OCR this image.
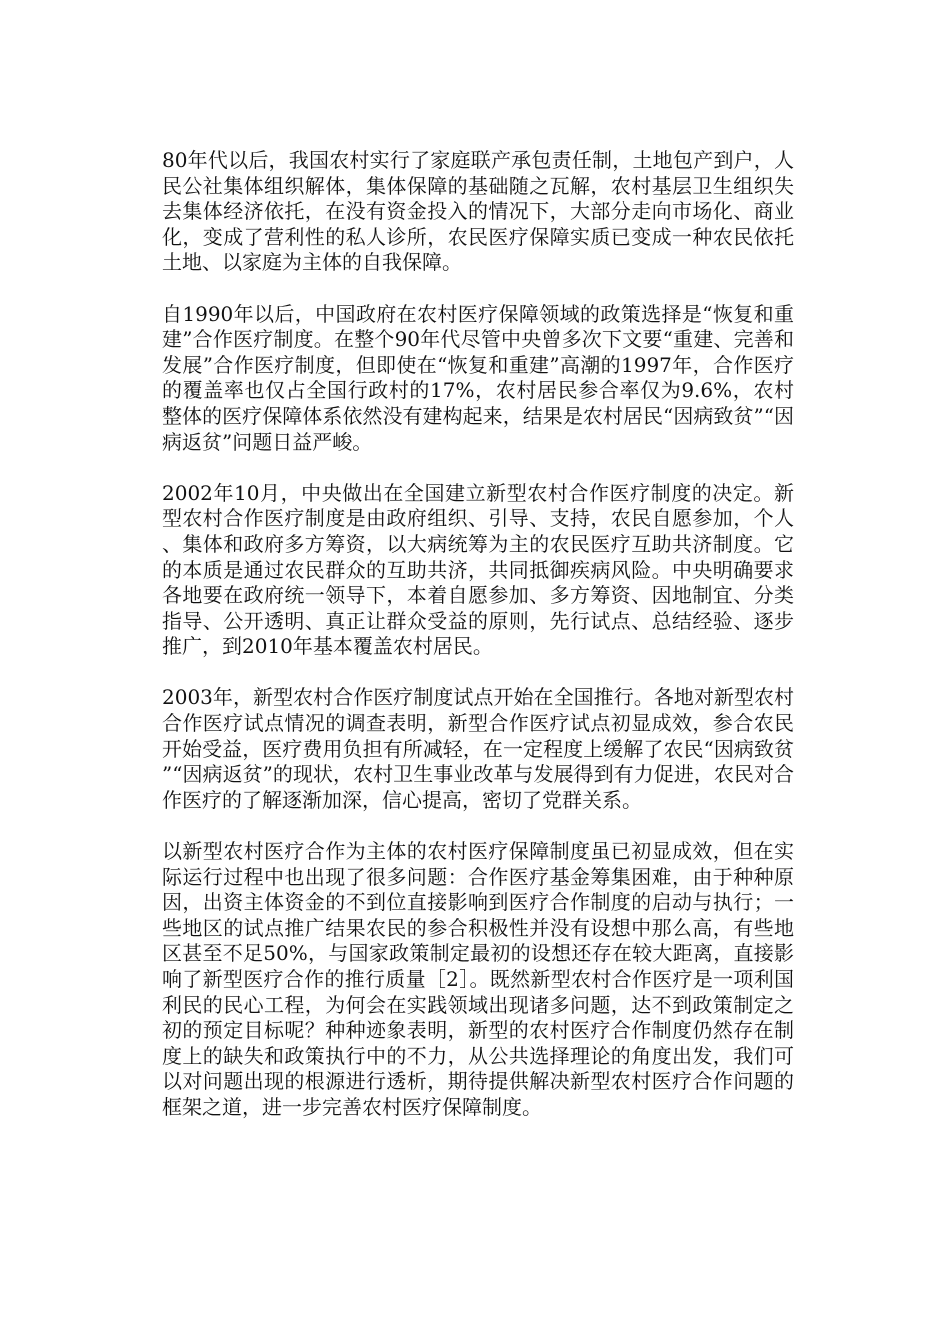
80年代以后，我国农村实行了家庭联产承包责任制，土地包产到户，人民公社集体组织解体，集体保障的基础随之瓦解，农村基层卫生组织失去集体经济依托，在没有资金投入的情况下，大部分走向市场化、商业化，变成了营利性的私人诊所，农民医疗保障实质已变成一种农民依托土地、以家庭为主体的自我保障。

自1990年以后，中国政府在农村医疗保障领域的政策选择是“恢复和重建”合作医疗制度。在整个90年代尽管中央曾多次下文要“重建、完善和发展”合作医疗制度，但即使在“恢复和重建”高潮的1997年，合作医疗的覆盖率也仅占全国行政村的17%，农村居民参合率仅为9.6%，农村整体的医疗保障体系依然没有建构起来，结果是农村居民“因病致贫”“因病返贫”问题日益严峻。

2002年10月，中央做出在全国建立新型农村合作医疗制度的决定。新型农村合作医疗制度是由政府组织、引导、支持，农民自愿参加，个人、集体和政府多方筹资，以大病统筹为主的农民医疗互助共济制度。它的本质是通过农民群众的互助共济，共同抵御疾病风险。中央明确要求各地要在政府统一领导下，本着自愿参加、多方筹资、因地制宜、分类指导、公开透明、真正让群众受益的原则，先行试点、总结经验、逐步推广，到2010年基本覆盖农村居民。

2003年，新型农村合作医疗制度试点开始在全国推行。各地对新型农村合作医疗试点情况的调查表明，新型合作医疗试点初显成效，参合农民开始受益，医疗费用负担有所减轻，在一定程度上缓解了农民“因病致贫”“因病返贫”的现状，农村卫生事业改革与发展得到有力促进，农民对合作医疗的了解逐渐加深，信心提高，密切了党群关系。

以新型农村医疗合作为主体的农村医疗保障制度虽已初显成效，但在实际运行过程中也出现了很多问题：合作医疗基金筹集困难，由于种种原因，出资主体资金的不到位直接影响到医疗合作制度的启动与执行；一些地区的试点推广结果农民的参合积极性并没有设想中那么高，有些地区甚至不足50%，与国家政策制定最初的设想还存在较大距离，直接影响了新型医疗合作的推行质量［2］。既然新型农村合作医疗是一项利国利民的民心工程，为何会在实践领域出现诸多问题，达不到政策制定之初的预定目标呢？种种迹象表明，新型的农村医疗合作制度仍然存在制度上的缺失和政策执行中的不力，从公共选择理论的角度出发，我们可以对问题出现的根源进行透析，期待提供解决新型农村医疗合作问题的框架之道，进一步完善农村医疗保障制度。
